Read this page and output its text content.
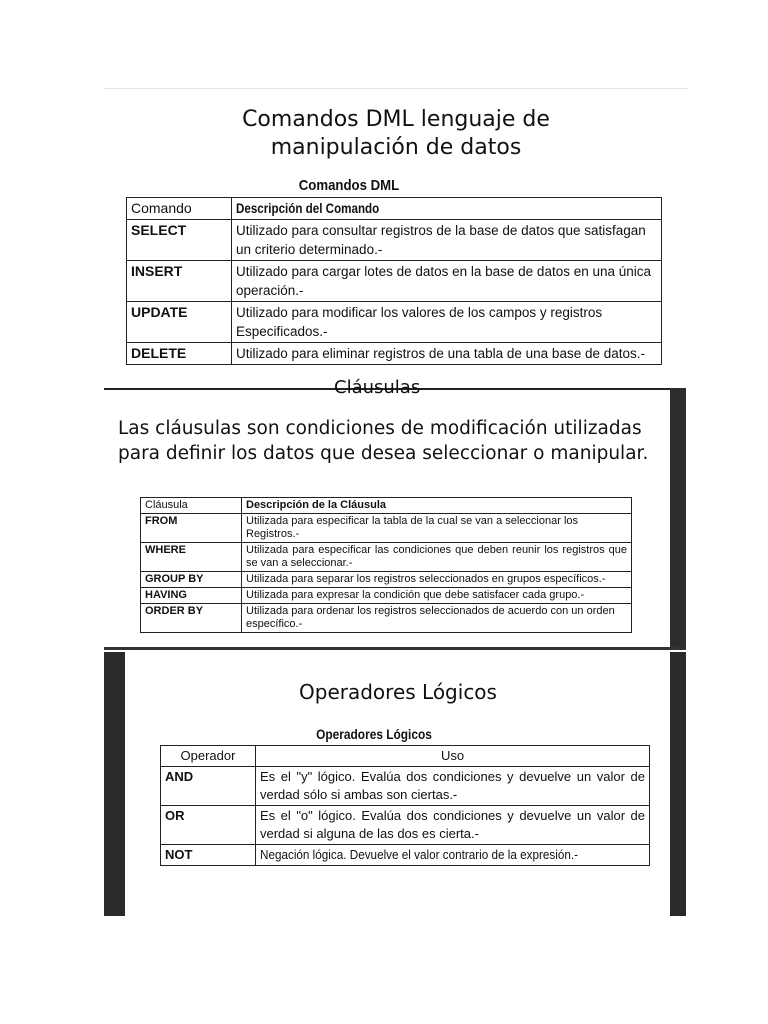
Comandos DML lenguaje de
manipulación de datos
Comandos DML
Comando	Descripción del Comando
SELECT	Utilizado para consultar registros de la base de datos que satisfagan un criterio determinado.-
INSERT	Utilizado para cargar lotes de datos en la base de datos en una única operación.-
UPDATE	Utilizado para modificar los valores de los campos y registros Especificados.-
DELETE	Utilizado para eliminar registros de una tabla de una base de datos.-
Cláusulas
Las cláusulas son condiciones de modificación utilizadas para definir los datos que desea seleccionar o manipular.
Cláusula	Descripción de la Cláusula
FROM	Utilizada para especificar la tabla de la cual se van a seleccionar los Registros.-
WHERE	Utilizada para especificar las condiciones que deben reunir los registros que se van a seleccionar.-
GROUP BY	Utilizada para separar los registros seleccionados en grupos específicos.-
HAVING	Utilizada para expresar la condición que debe satisfacer cada grupo.-
ORDER BY	Utilizada para ordenar los registros seleccionados de acuerdo con un orden específico.-
Operadores Lógicos
Operadores Lógicos
Operador	Uso
AND	Es el "y" lógico. Evalúa dos condiciones y devuelve un valor de verdad sólo si ambas son ciertas.-
OR	Es el "o" lógico. Evalúa dos condiciones y devuelve un valor de verdad si alguna de las dos es cierta.-
NOT	Negación lógica. Devuelve el valor contrario de la expresión.-
